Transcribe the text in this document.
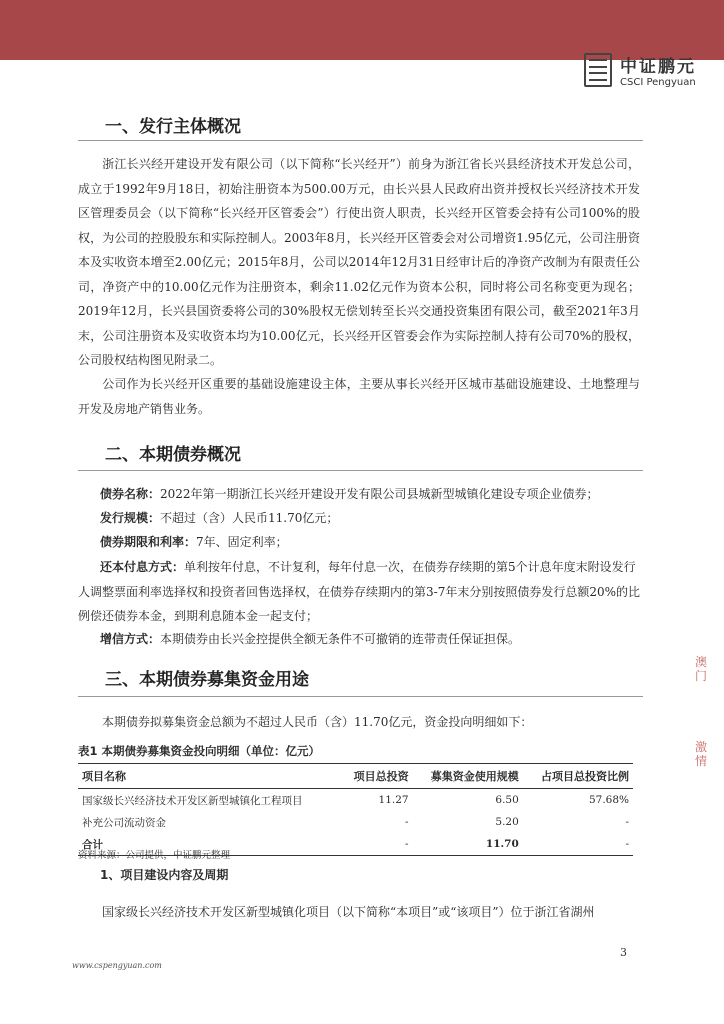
中证鹏元
CSCI Pengyuan
一、发行主体概况

浙江长兴经开建设开发有限公司（以下简称“长兴经开”）前身为浙江省长兴县经济技术开发总公司，成立于1992年9月18日，初始注册资本为500.00万元，由长兴县人民政府出资并授权长兴经济技术开发区管理委员会（以下简称“长兴经开区管委会”）行使出资人职责，长兴经开区管委会持有公司100%的股权，为公司的控股股东和实际控制人。2003年8月，长兴经开区管委会对公司增资1.95亿元，公司注册资本及实收资本增至2.00亿元；2015年8月，公司以2014年12月31日经审计后的净资产改制为有限责任公司，净资产中的10.00亿元作为注册资本，剩余11.02亿元作为资本公积，同时将公司名称变更为现名；2019年12月，长兴县国资委将公司的30%股权无偿划转至长兴交通投资集团有限公司，截至2021年3月末，公司注册资本及实收资本均为10.00亿元，长兴经开区管委会作为实际控制人持有公司70%的股权，公司股权结构图见附录二。

公司作为长兴经开区重要的基础设施建设主体，主要从事长兴经开区城市基础设施建设、土地整理与开发及房地产销售业务。

二、本期债券概况

债券名称：2022年第一期浙江长兴经开建设开发有限公司县城新型城镇化建设专项企业债券；

发行规模：不超过（含）人民币11.70亿元；

债券期限和利率：7年、固定利率；

还本付息方式：单利按年付息，不计复利，每年付息一次，在债券存续期的第5个计息年度末附设发行人调整票面利率选择权和投资者回售选择权，在债券存续期内的第3-7年末分别按照债券发行总额20%的比例偿还债券本金，到期利息随本金一起支付；

增信方式：本期债券由长兴金控提供全额无条件不可撤销的连带责任保证担保。

三、本期债券募集资金用途

本期债券拟募集资金总额为不超过人民币（含）11.70亿元，资金投向明细如下：

表1 本期债券募集资金投向明细（单位：亿元）
项目名称	项目总投资	募集资金使用规模	占项目总投资比例
国家级长兴经济技术开发区新型城镇化工程项目	11.27	6.50	57.68%
补充公司流动资金	-	5.20	-
合计	-	11.70	-
资料来源：公司提供，中证鹏元整理
1、项目建设内容及周期

国家级长兴经济技术开发区新型城镇化项目（以下简称“本项目”或“该项目”）位于浙江省湖州

www.cspengyuan.com
3
澳门
激情
